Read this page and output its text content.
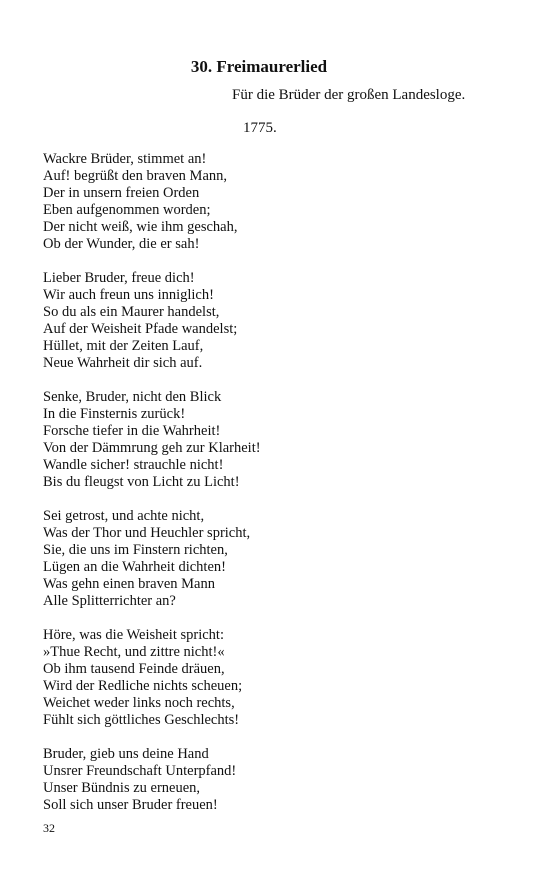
30. Freimaurerlied
Für die Brüder der großen Landesloge.
1775.
Wackre Brüder, stimmet an!
Auf! begrüßt den braven Mann,
Der in unsern freien Orden
Eben aufgenommen worden;
Der nicht weiß, wie ihm geschah,
Ob der Wunder, die er sah!
Lieber Bruder, freue dich!
Wir auch freun uns inniglich!
So du als ein Maurer handelst,
Auf der Weisheit Pfade wandelst;
Hüllet, mit der Zeiten Lauf,
Neue Wahrheit dir sich auf.
Senke, Bruder, nicht den Blick
In die Finsternis zurück!
Forsche tiefer in die Wahrheit!
Von der Dämmrung geh zur Klarheit!
Wandle sicher! strauchle nicht!
Bis du fleugst von Licht zu Licht!
Sei getrost, und achte nicht,
Was der Thor und Heuchler spricht,
Sie, die uns im Finstern richten,
Lügen an die Wahrheit dichten!
Was gehn einen braven Mann
Alle Splitterrichter an?
Höre, was die Weisheit spricht:
»Thue Recht, und zittre nicht!«
Ob ihm tausend Feinde dräuen,
Wird der Redliche nichts scheuen;
Weichet weder links noch rechts,
Fühlt sich göttliches Geschlechts!
Bruder, gieb uns deine Hand
Unsrer Freundschaft Unterpfand!
Unser Bündnis zu erneuen,
Soll sich unser Bruder freuen!
32
